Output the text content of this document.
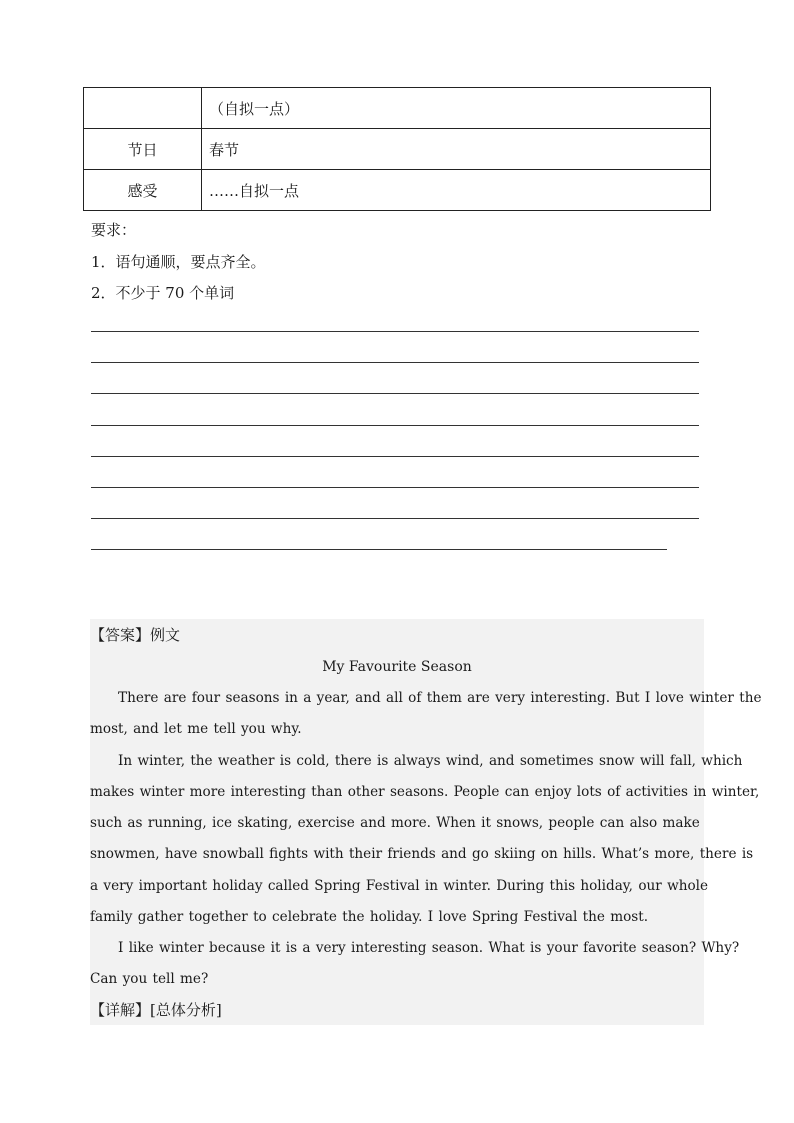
	（自拟一点）
节日	春节
感受	……自拟一点
要求：
1．语句通顺，要点齐全。
2．不少于 70 个单词
【答案】例文
My Favourite Season
There are four seasons in a year, and all of them are very interesting. But I love winter the
most, and let me tell you why.
In winter, the weather is cold, there is always wind, and sometimes snow will fall, which
makes winter more interesting than other seasons. People can enjoy lots of activities in winter,
such as running, ice skating, exercise and more. When it snows, people can also make
snowmen, have snowball fights with their friends and go skiing on hills. What’s more, there is
a very important holiday called Spring Festival in winter. During this holiday, our whole
family gather together to celebrate the holiday. I love Spring Festival the most.
I like winter because it is a very interesting season. What is your favorite season? Why?
Can you tell me?
【详解】[总体分析]
